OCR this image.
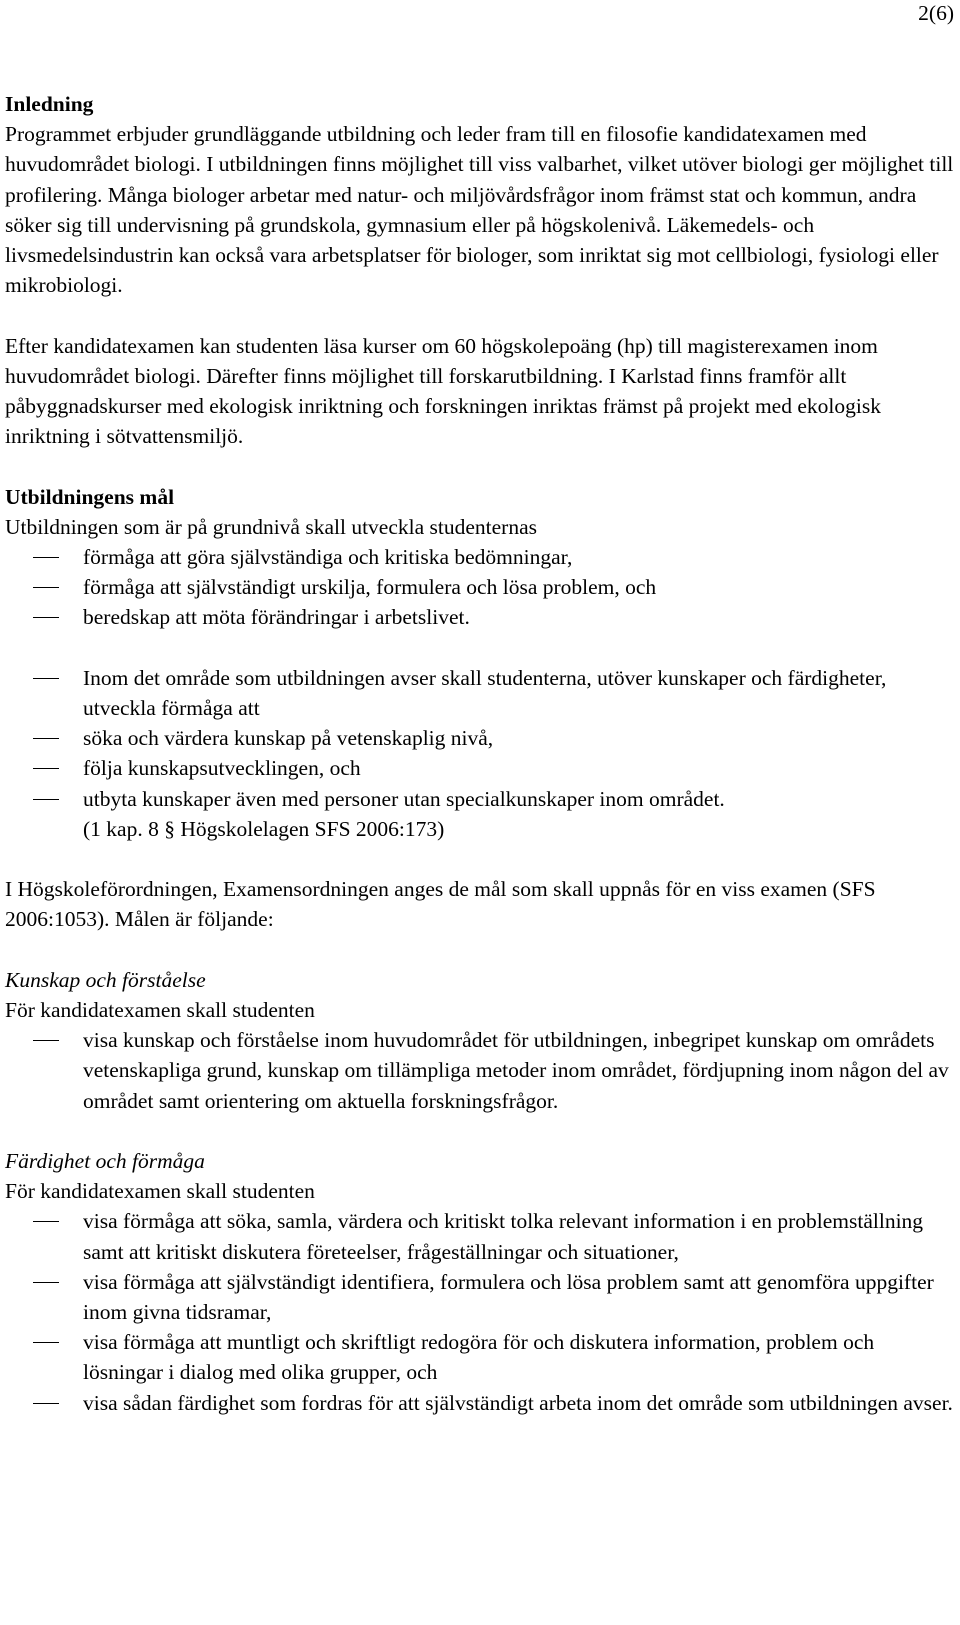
2(6)
Inledning

Programmet erbjuder grundläggande utbildning och leder fram till en filosofie kandidatexamen med huvudområdet biologi. I utbildningen finns möjlighet till viss valbarhet, vilket utöver biologi ger möjlighet till profilering. Många biologer arbetar med natur- och miljövårdsfrågor inom främst stat och kommun, andra söker sig till undervisning på grundskola, gymnasium eller på högskolenivå. Läkemedels- och livsmedelsindustrin kan också vara arbetsplatser för biologer, som inriktat sig mot cellbiologi, fysiologi eller mikrobiologi.

Efter kandidatexamen kan studenten läsa kurser om 60 högskolepoäng (hp) till magisterexamen inom huvudområdet biologi. Därefter finns möjlighet till forskarutbildning. I Karlstad finns framför allt påbyggnadskurser med ekologisk inriktning och forskningen inriktas främst på projekt med ekologisk inriktning i sötvattensmiljö.

Utbildningens mål
Utbildningen som är på grundnivå skall utveckla studenternas
förmåga att göra självständiga och kritiska bedömningar,
förmåga att självständigt urskilja, formulera och lösa problem, och
beredskap att möta förändringar i arbetslivet.
Inom det område som utbildningen avser skall studenterna, utöver kunskaper och färdigheter, utveckla förmåga att
söka och värdera kunskap på vetenskaplig nivå,
följa kunskapsutvecklingen, och
utbyta kunskaper även med personer utan specialkunskaper inom området.
(1 kap. 8 § Högskolelagen SFS 2006:173)

I Högskoleförordningen, Examensordningen anges de mål som skall uppnås för en viss examen (SFS 2006:1053). Målen är följande:

Kunskap och förståelse
För kandidatexamen skall studenten
visa kunskap och förståelse inom huvudområdet för utbildningen, inbegripet kunskap om områdets vetenskapliga grund, kunskap om tillämpliga metoder inom området, fördjupning inom någon del av området samt orientering om aktuella forskningsfrågor.
Färdighet och förmåga
För kandidatexamen skall studenten
visa förmåga att söka, samla, värdera och kritiskt tolka relevant information i en problemställning samt att kritiskt diskutera företeelser, frågeställningar och situationer,
visa förmåga att självständigt identifiera, formulera och lösa problem samt att genomföra uppgifter inom givna tidsramar,
visa förmåga att muntligt och skriftligt redogöra för och diskutera information, problem och lösningar i dialog med olika grupper, och
visa sådan färdighet som fordras för att självständigt arbeta inom det område som utbildningen avser.
